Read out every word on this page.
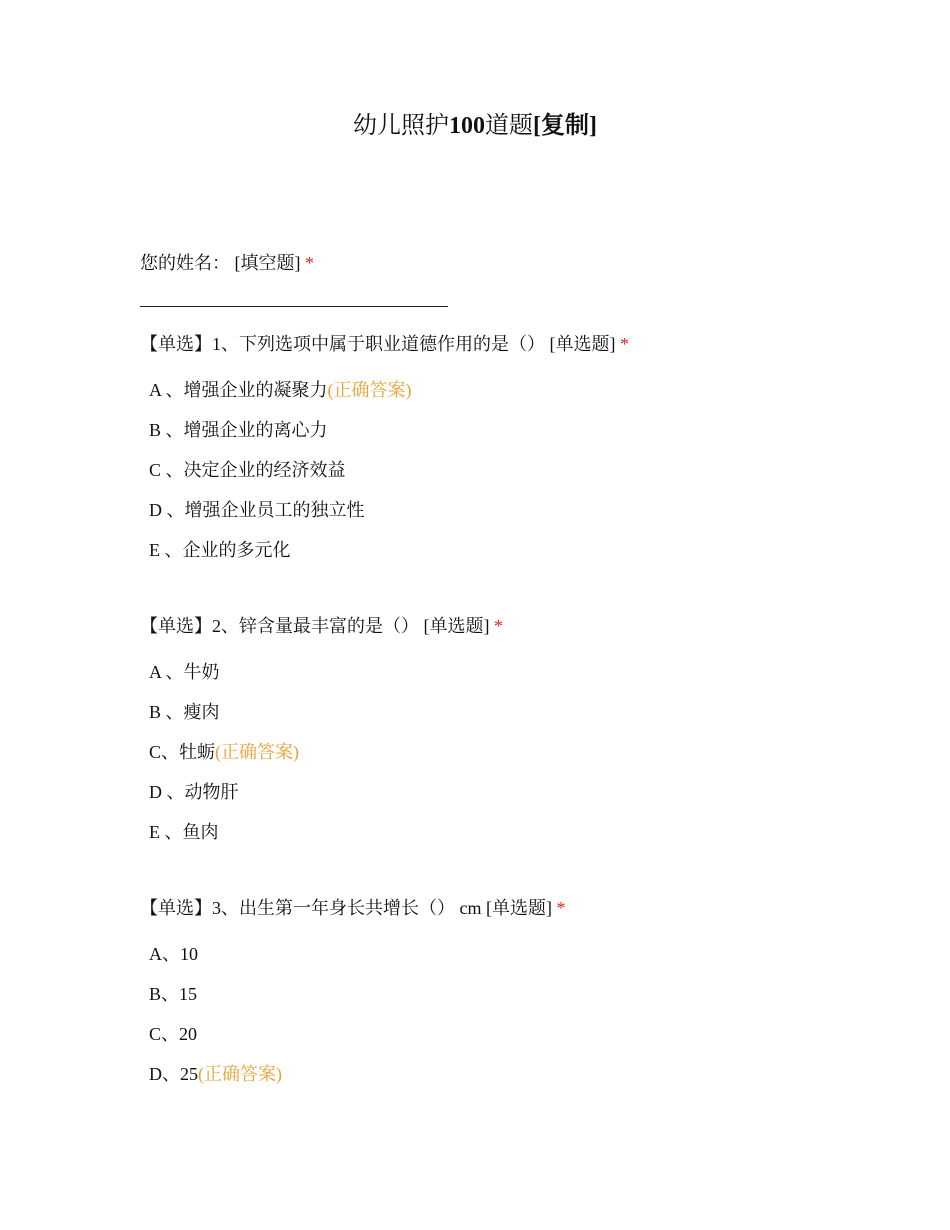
幼儿照护100道题[复制]
您的姓名： [填空题] *
【单选】1、下列选项中属于职业道德作用的是（） [单选题] *
A 、增强企业的凝聚力(正确答案)
B 、增强企业的离心力
C 、决定企业的经济效益
D 、增强企业员工的独立性
E 、企业的多元化
【单选】2、锌含量最丰富的是（） [单选题] *
A 、牛奶
B 、瘦肉
C、牡蛎(正确答案)
D 、动物肝
E 、鱼肉
【单选】3、出生第一年身长共增长（） cm [单选题] *
A、10
B、15
C、20
D、25(正确答案)
